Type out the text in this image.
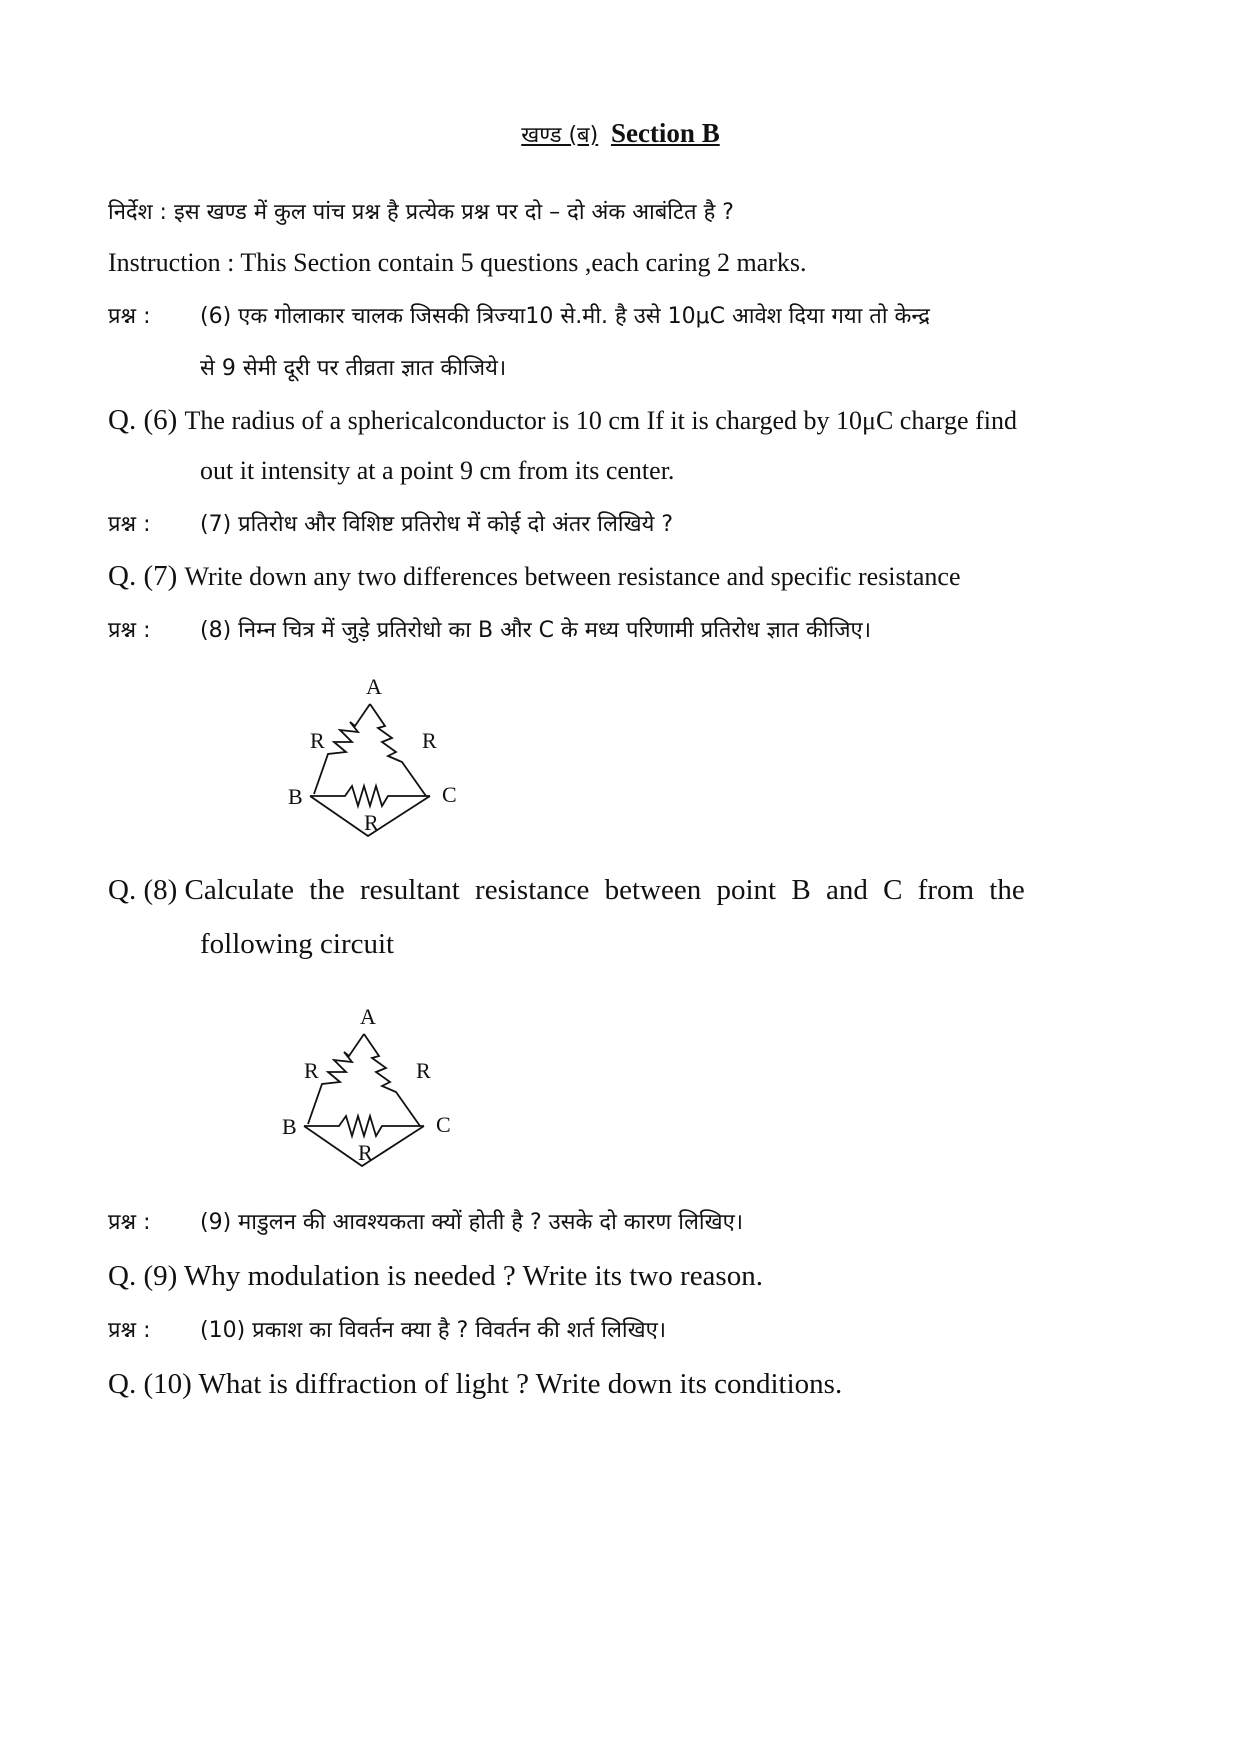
खण्ड (ब) Section B
निर्देश : इस खण्ड में कुल पांच प्रश्न है प्रत्येक प्रश्न पर दो – दो अंक आबंटित है ?
Instruction : This Section contain 5 questions ,each caring 2 marks.
प्रश्न : (6) एक गोलाकार चालक जिसकी त्रिज्या10 से.मी. है उसे 10μC आवेश दिया गया तो केन्द्र
से 9 सेमी दूरी पर तीव्रता ज्ञात कीजिये।
Q. (6) The radius of a sphericalconductor is 10 cm If it is charged by 10μC charge find
out it intensity at a point 9 cm from its center.
प्रश्न : (7) प्रतिरोध और विशिष्ट प्रतिरोध में कोई दो अंतर लिखिये ?
Q. (7) Write down any two differences between resistance and specific resistance
प्रश्न : (8) निम्न चित्र में जुड़े प्रतिरोधो का B और C के मध्य परिणामी प्रतिरोध ज्ञात कीजिए।
A
R	R
B	C
R
Q. (8) Calculate the resultant resistance between point B and C from the
following circuit
A
R	R
B	C
R
प्रश्न : (9) माडुलन की आवश्यकता क्यों होती है ? उसके दो कारण लिखिए।
Q. (9) Why modulation is needed ? Write its two reason.
प्रश्न : (10) प्रकाश का विवर्तन क्या है ? विवर्तन की शर्त लिखिए।
Q. (10) What is diffraction of light ? Write down its conditions.
